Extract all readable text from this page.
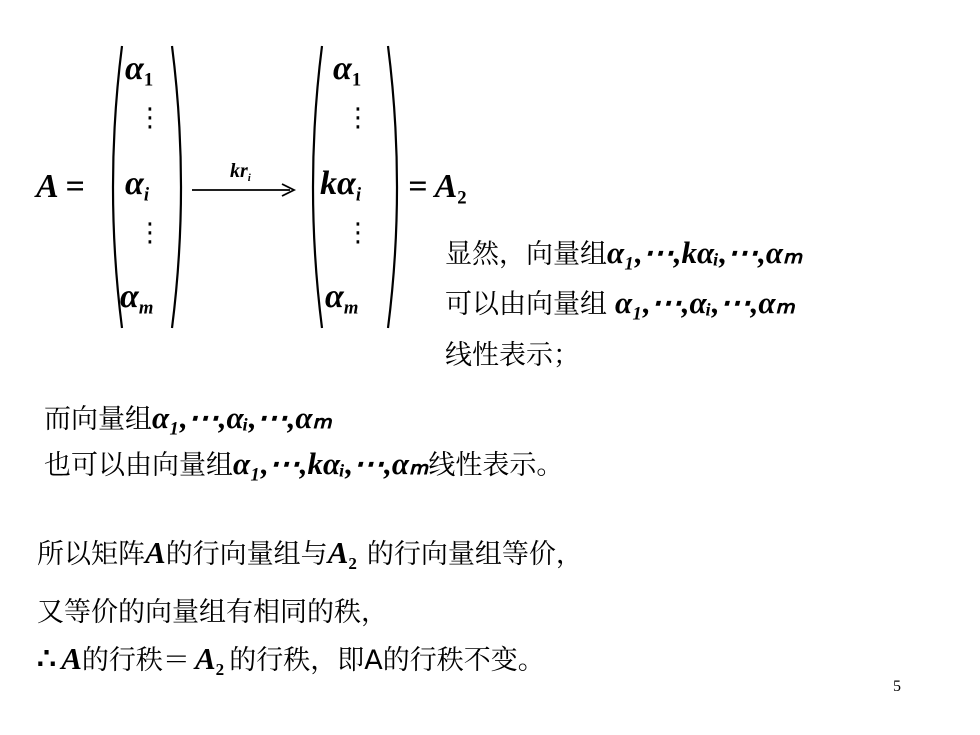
A =
α1
⋮
$\alpha_i$
⋮
$\alpha_m$
$kr_i$
α1
⋮
$k\alpha_i$
⋮
$\alpha_m$
= A2
显然，向量组α₁,⋯,kαᵢ,⋯,αₘ
可以由向量组 α₁,⋯,αᵢ,⋯,αₘ
线性表示；
而向量组α₁,⋯,αᵢ,⋯,αₘ
也可以由向量组α₁,⋯,kαᵢ,⋯,αₘ线性表示。
所以矩阵A的行向量组与A2 的行向量组等价，
又等价的向量组有相同的秩，
∴ A的行秩＝ A2 的行秩，即A的行秩不变。
5
